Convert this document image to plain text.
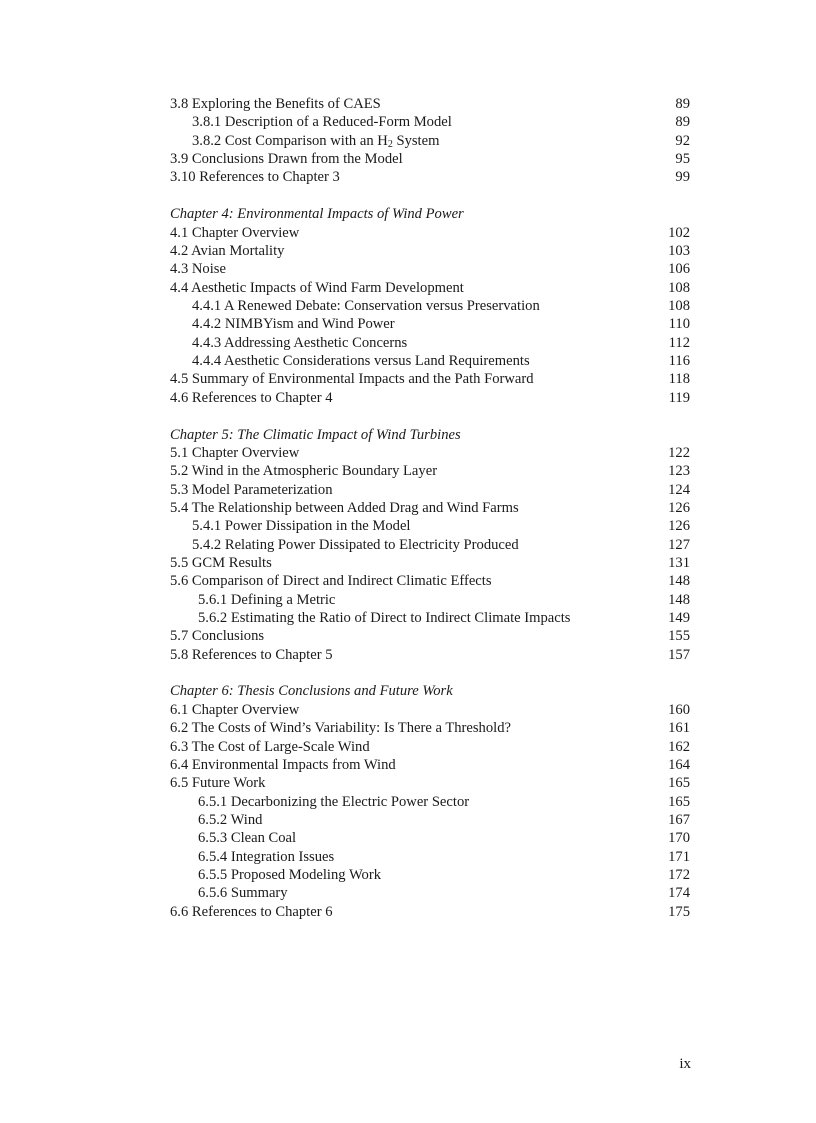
3.8 Exploring the Benefits of CAES	89
3.8.1 Description of a Reduced-Form Model	89
3.8.2 Cost Comparison with an $H_2$ System	92
3.9 Conclusions Drawn from the Model	95
3.10 References to Chapter 3	99
Chapter 4: Environmental Impacts of Wind Power
4.1 Chapter Overview	102
4.2 Avian Mortality	103
4.3 Noise	106
4.4 Aesthetic Impacts of Wind Farm Development	108
4.4.1 A Renewed Debate: Conservation versus Preservation	108
4.4.2 NIMBYism and Wind Power	110
4.4.3 Addressing Aesthetic Concerns	112
4.4.4 Aesthetic Considerations versus Land Requirements	116
4.5 Summary of Environmental Impacts and the Path Forward	118
4.6 References to Chapter 4	119
Chapter 5: The Climatic Impact of Wind Turbines
5.1 Chapter Overview	122
5.2 Wind in the Atmospheric Boundary Layer	123
5.3 Model Parameterization	124
5.4 The Relationship between Added Drag and Wind Farms	126
5.4.1 Power Dissipation in the Model	126
5.4.2 Relating Power Dissipated to Electricity Produced	127
5.5 GCM Results	131
5.6 Comparison of Direct and Indirect Climatic Effects	148
5.6.1 Defining a Metric	148
5.6.2 Estimating the Ratio of Direct to Indirect Climate Impacts	149
5.7 Conclusions	155
5.8 References to Chapter 5	157
Chapter 6: Thesis Conclusions and Future Work
6.1 Chapter Overview	160
6.2 The Costs of Wind’s Variability: Is There a Threshold?	161
6.3 The Cost of Large-Scale Wind	162
6.4 Environmental Impacts from Wind	164
6.5 Future Work	165
6.5.1 Decarbonizing the Electric Power Sector	165
6.5.2 Wind	167
6.5.3 Clean Coal	170
6.5.4 Integration Issues	171
6.5.5 Proposed Modeling Work	172
6.5.6 Summary	174
6.6 References to Chapter 6	175
ix
